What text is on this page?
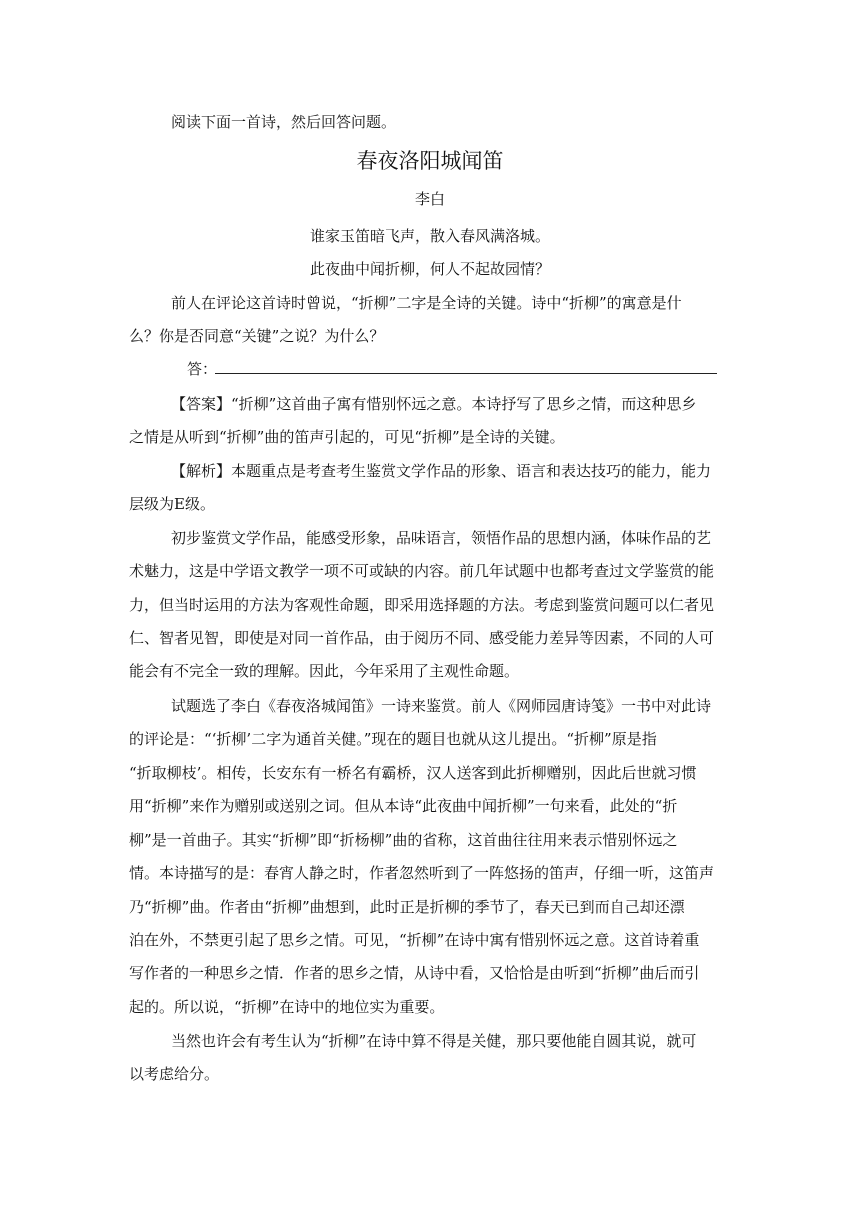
阅读下面一首诗，然后回答问题。
春夜洛阳城闻笛
李白
谁家玉笛暗飞声，散入春风满洛城。
此夜曲中闻折柳，何人不起故园情？
前人在评论这首诗时曾说，“折柳”二字是全诗的关键。诗中“折柳”的寓意是什
么？你是否同意“关键”之说？为什么？
答：
【答案】“折柳”这首曲子寓有惜别怀远之意。本诗抒写了思乡之情，而这种思乡
之情是从听到“折柳”曲的笛声引起的，可见“折柳”是全诗的关键。
【解析】本题重点是考查考生鉴赏文学作品的形象、语言和表达技巧的能力，能力
层级为E级。
初步鉴赏文学作品，能感受形象，品味语言，领悟作品的思想内涵，体味作品的艺
术魅力，这是中学语文教学一项不可或缺的内容。前几年试题中也都考查过文学鉴赏的能
力，但当时运用的方法为客观性命题，即采用选择题的方法。考虑到鉴赏问题可以仁者见
仁、智者见智，即使是对同一首作品，由于阅历不同、感受能力差异等因素，不同的人可
能会有不完全一致的理解。因此，今年采用了主观性命题。
试题选了李白《春夜洛城闻笛》一诗来鉴赏。前人《网师园唐诗笺》一书中对此诗
的评论是：“‘折柳’二字为通首关健。”现在的题目也就从这儿提出。“折柳”原是指
“折取柳枝’。相传，长安东有一桥名有霸桥，汉人送客到此折柳赠别，因此后世就习惯
用“折柳”来作为赠别或送别之词。但从本诗“此夜曲中闻折柳”一句来看，此处的“折
柳”是一首曲子。其实“折柳”即“折杨柳”曲的省称，这首曲往往用来表示惜别怀远之
情。本诗描写的是：春宵人静之时，作者忽然听到了一阵悠扬的笛声，仔细一听，这笛声
乃“折柳”曲。作者由“折柳”曲想到，此时正是折柳的季节了，春天已到而自己却还漂
泊在外，不禁更引起了思乡之情。可见，“折柳”在诗中寓有惜别怀远之意。这首诗着重
写作者的一种思乡之情．作者的思乡之情，从诗中看，又恰恰是由听到“折柳”曲后而引
起的。所以说，“折柳”在诗中的地位实为重要。
当然也许会有考生认为“折柳”在诗中算不得是关健，那只要他能自圆其说，就可
以考虑给分。
